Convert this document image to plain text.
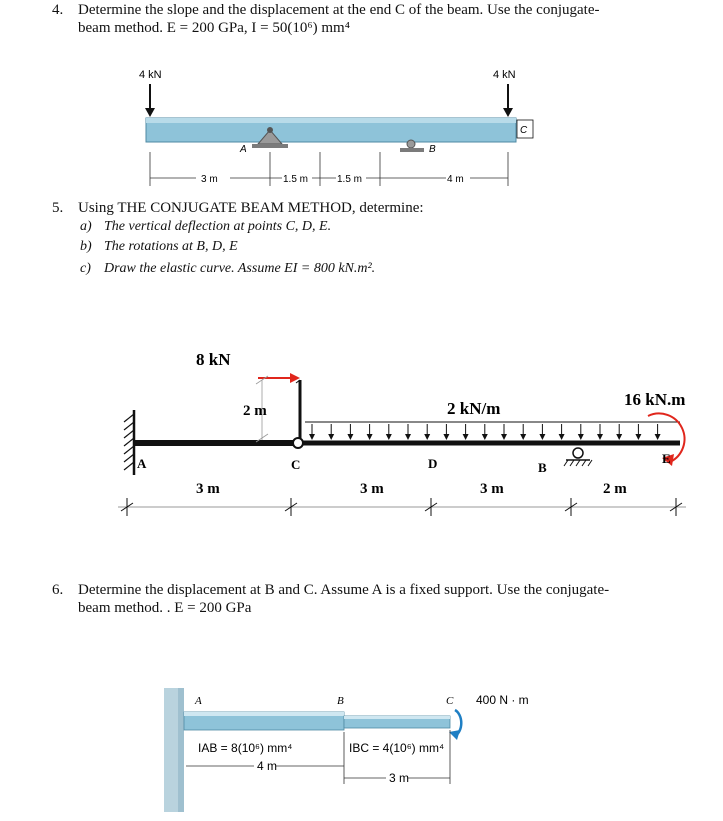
4. Determine the slope and the displacement at the end C of the beam. Use the conjugate-
beam method. E = 200 GPa, I = 50(10⁶) mm⁴
4 kN	4 kN
A	B
C
3 m	1.5 m	1.5 m	4 m
5. Using THE CONJUGATE BEAM METHOD, determine:
a) The vertical deflection at points C, D, E.
b) The rotations at B, D, E
c) Draw the elastic curve. Assume EI = 800 kN.m².
A	C
8 kN
2 m	2 kN/m
D	B
16 kN.m
E
3 m	3 m	3 m	2 m
6. Determine the displacement at B and C. Assume A is a fixed support. Use the conjugate-
beam method. . E = 200 GPa
A	B	C 400 N · m
IAB = 8(10⁶) mm⁴	IBC = 4(10⁶) mm⁴
4 m
3 m
